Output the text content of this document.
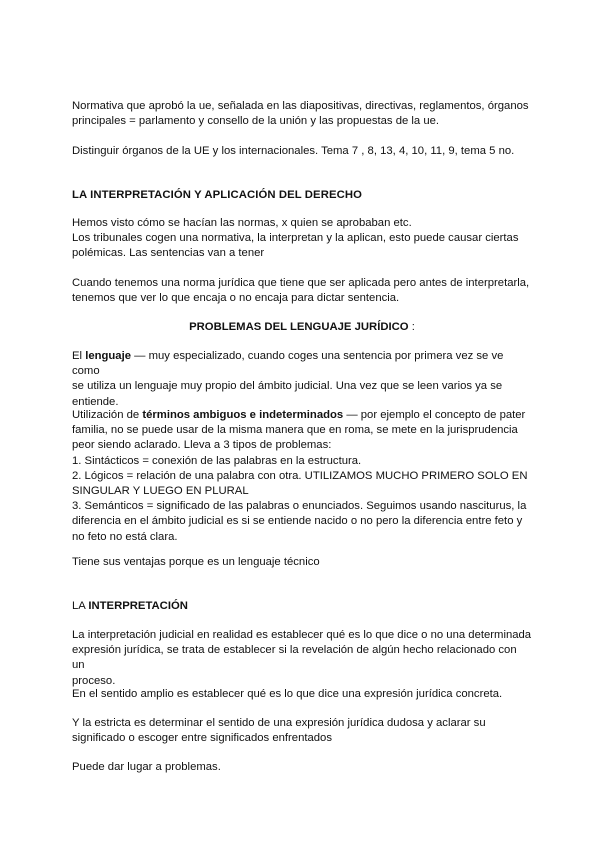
Normativa que aprobó la ue, señalada en las diapositivas, directivas, reglamentos, órganos

principales = parlamento y consello de la unión y las propuestas de la ue.

Distinguir órganos de la UE y los internacionales. Tema 7 , 8, 13, 4, 10, 11, 9, tema 5 no.

LA INTERPRETACIÓN Y APLICACIÓN DEL DERECHO

Hemos visto cómo se hacían las normas, x quien se aprobaban etc.

Los tribunales cogen una normativa, la interpretan y la aplican, esto puede causar ciertas

polémicas. Las sentencias van a tener

Cuando tenemos una norma jurídica que tiene que ser aplicada pero antes de interpretarla,

tenemos que ver lo que encaja o no encaja para dictar sentencia.

PROBLEMAS DEL LENGUAJE JURÍDICO :

El lenguaje — muy especializado, cuando coges una sentencia por primera vez se ve como

se utiliza un lenguaje muy propio del ámbito judicial. Una vez que se leen varios ya se

entiende.

Utilización de términos ambiguos e indeterminados — por ejemplo el concepto de pater

familia, no se puede usar de la misma manera que en roma, se mete en la jurisprudencia

peor siendo aclarado. Lleva a 3 tipos de problemas:

1. Sintácticos = conexión de las palabras en la estructura.

2. Lógicos = relación de una palabra con otra. UTILIZAMOS MUCHO PRIMERO SOLO EN

SINGULAR Y LUEGO EN PLURAL

3. Semánticos = significado de las palabras o enunciados. Seguimos usando nasciturus, la

diferencia en el ámbito judicial es si se entiende nacido o no pero la diferencia entre feto y

no feto no está clara.

Tiene sus ventajas porque es un lenguaje técnico

LA INTERPRETACIÓN

La interpretación judicial en realidad es establecer qué es lo que dice o no una determinada

expresión jurídica, se trata de establecer si la revelación de algún hecho relacionado con un

proceso.

En el sentido amplio es establecer qué es lo que dice una expresión jurídica concreta.

Y la estricta es determinar el sentido de una expresión jurídica dudosa y aclarar su

significado o escoger entre significados enfrentados

Puede dar lugar a problemas.
